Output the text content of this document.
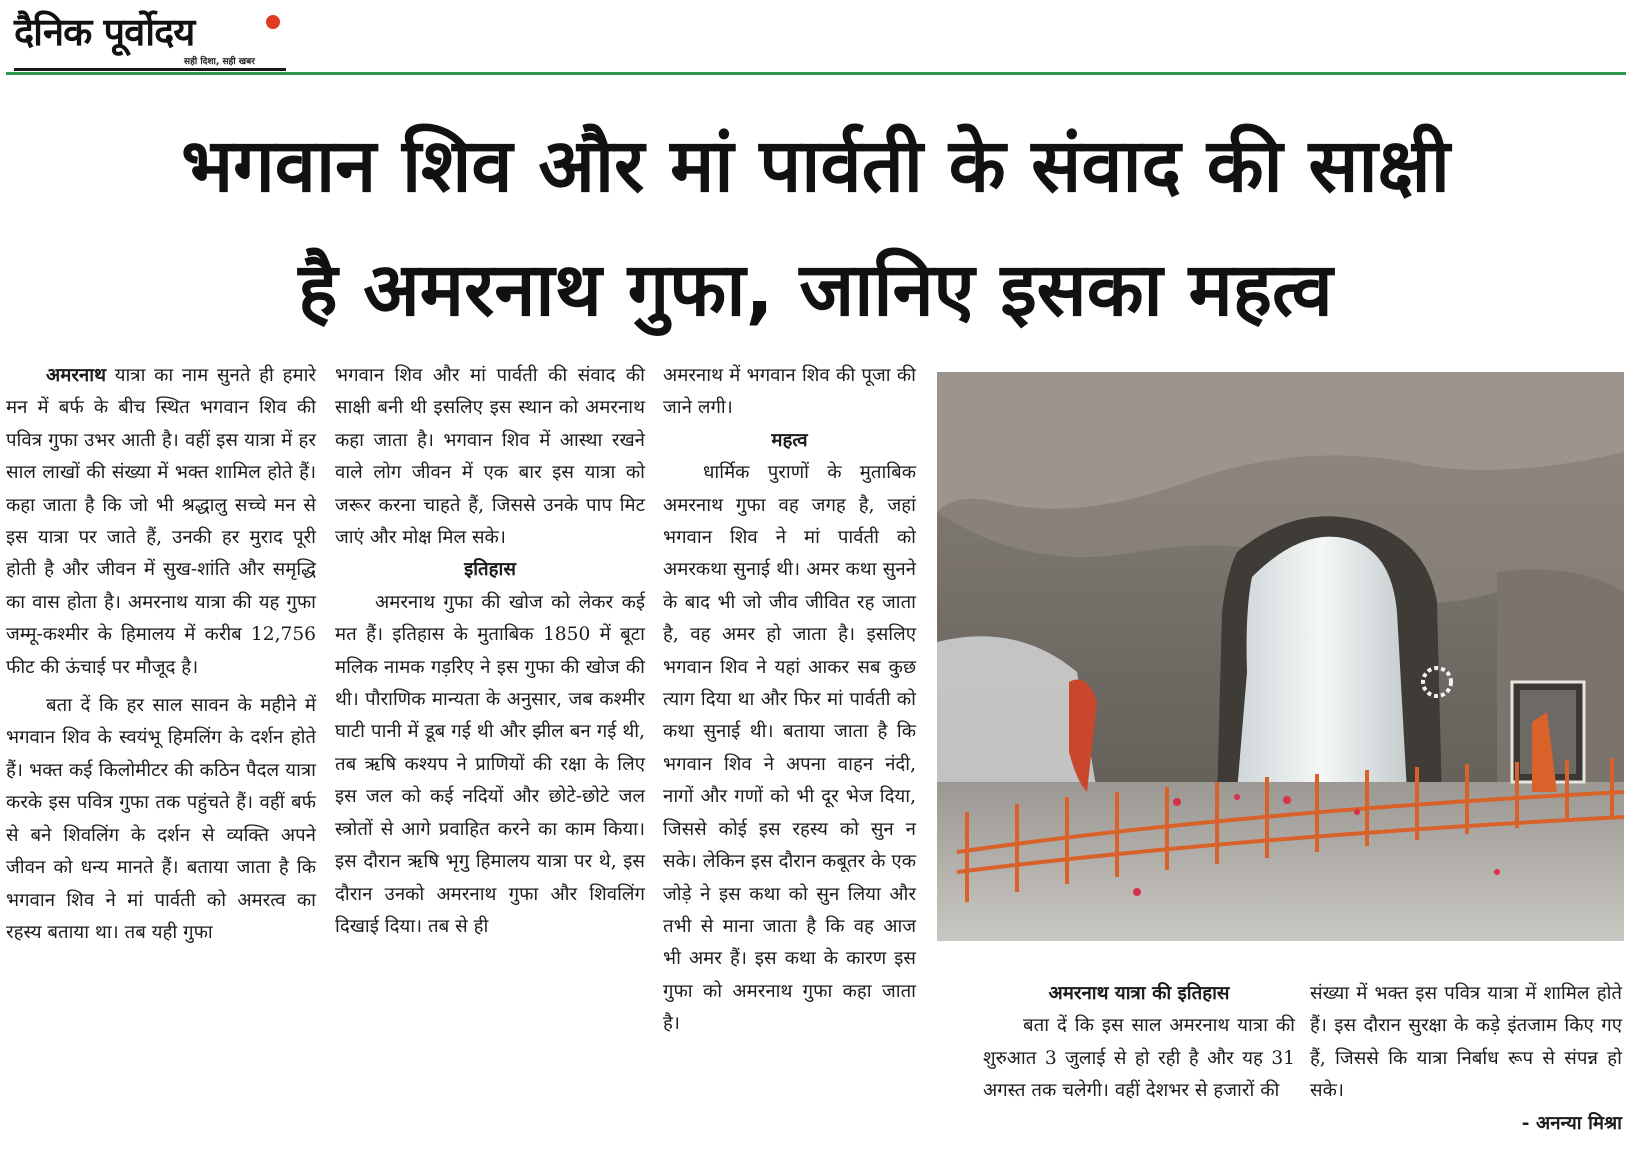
दैनिक पूर्वोदय
सही दिशा, सही खबर
भगवान शिव और मां पार्वती के संवाद की साक्षी
है अमरनाथ गुफा, जानिए इसका महत्व

अमरनाथ यात्रा का नाम सुनते ही हमारे मन में बर्फ के बीच स्थित भगवान शिव की पवित्र गुफा उभर आती है। वहीं इस यात्रा में हर साल लाखों की संख्या में भक्त शामिल होते हैं। कहा जाता है कि जो भी श्रद्धालु सच्चे मन से इस यात्रा पर जाते हैं, उनकी हर मुराद पूरी होती है और जीवन में सुख-शांति और समृद्धि का वास होता है। अमरनाथ यात्रा की यह गुफा जम्मू-कश्मीर के हिमालय में करीब 12,756 फीट की ऊंचाई पर मौजूद है।

बता दें कि हर साल सावन के महीने में भगवान शिव के स्वयंभू हिमलिंग के दर्शन होते हैं। भक्त कई किलोमीटर की कठिन पैदल यात्रा करके इस पवित्र गुफा तक पहुंचते हैं। वहीं बर्फ से बने शिवलिंग के दर्शन से व्यक्ति अपने जीवन को धन्य मानते हैं। बताया जाता है कि भगवान शिव ने मां पार्वती को अमरत्व का रहस्य बताया था। तब यही गुफा

भगवान शिव और मां पार्वती की संवाद की साक्षी बनी थी इसलिए इस स्थान को अमरनाथ कहा जाता है। भगवान शिव में आस्था रखने वाले लोग जीवन में एक बार इस यात्रा को जरूर करना चाहते हैं, जिससे उनके पाप मिट जाएं और मोक्ष मिल सके।

इतिहास

अमरनाथ गुफा की खोज को लेकर कई मत हैं। इतिहास के मुताबिक 1850 में बूटा मलिक नामक गड़रिए ने इस गुफा की खोज की थी। पौराणिक मान्यता के अनुसार, जब कश्मीर घाटी पानी में डूब गई थी और झील बन गई थी, तब ऋषि कश्यप ने प्राणियों की रक्षा के लिए इस जल को कई नदियों और छोटे-छोटे जल स्त्रोतों से आगे प्रवाहित करने का काम किया। इस दौरान ऋषि भृगु हिमालय यात्रा पर थे, इस दौरान उनको अमरनाथ गुफा और शिवलिंग दिखाई दिया। तब से ही

अमरनाथ में भगवान शिव की पूजा की जाने लगी।

महत्व

धार्मिक पुराणों के मुताबिक अमरनाथ गुफा वह जगह है, जहां भगवान शिव ने मां पार्वती को अमरकथा सुनाई थी। अमर कथा सुनने के बाद भी जो जीव जीवित रह जाता है, वह अमर हो जाता है। इसलिए भगवान शिव ने यहां आकर सब कुछ त्याग दिया था और फिर मां पार्वती को कथा सुनाई थी। बताया जाता है कि भगवान शिव ने अपना वाहन नंदी, नागों और गणों को भी दूर भेज दिया, जिससे कोई इस रहस्य को सुन न सके। लेकिन इस दौरान कबूतर के एक जोड़े ने इस कथा को सुन लिया और तभी से माना जाता है कि वह आज भी अमर हैं। इस कथा के कारण इस गुफा को अमरनाथ गुफा कहा जाता है।

अमरनाथ यात्रा की इतिहास

बता दें कि इस साल अमरनाथ यात्रा की शुरुआत 3 जुलाई से हो रही है और यह 31 अगस्त तक चलेगी। वहीं देशभर से हजारों की

संख्या में भक्त इस पवित्र यात्रा में शामिल होते हैं। इस दौरान सुरक्षा के कड़े इंतजाम किए गए हैं, जिससे कि यात्रा निर्बाध रूप से संपन्न हो सके।

- अनन्या मिश्रा
